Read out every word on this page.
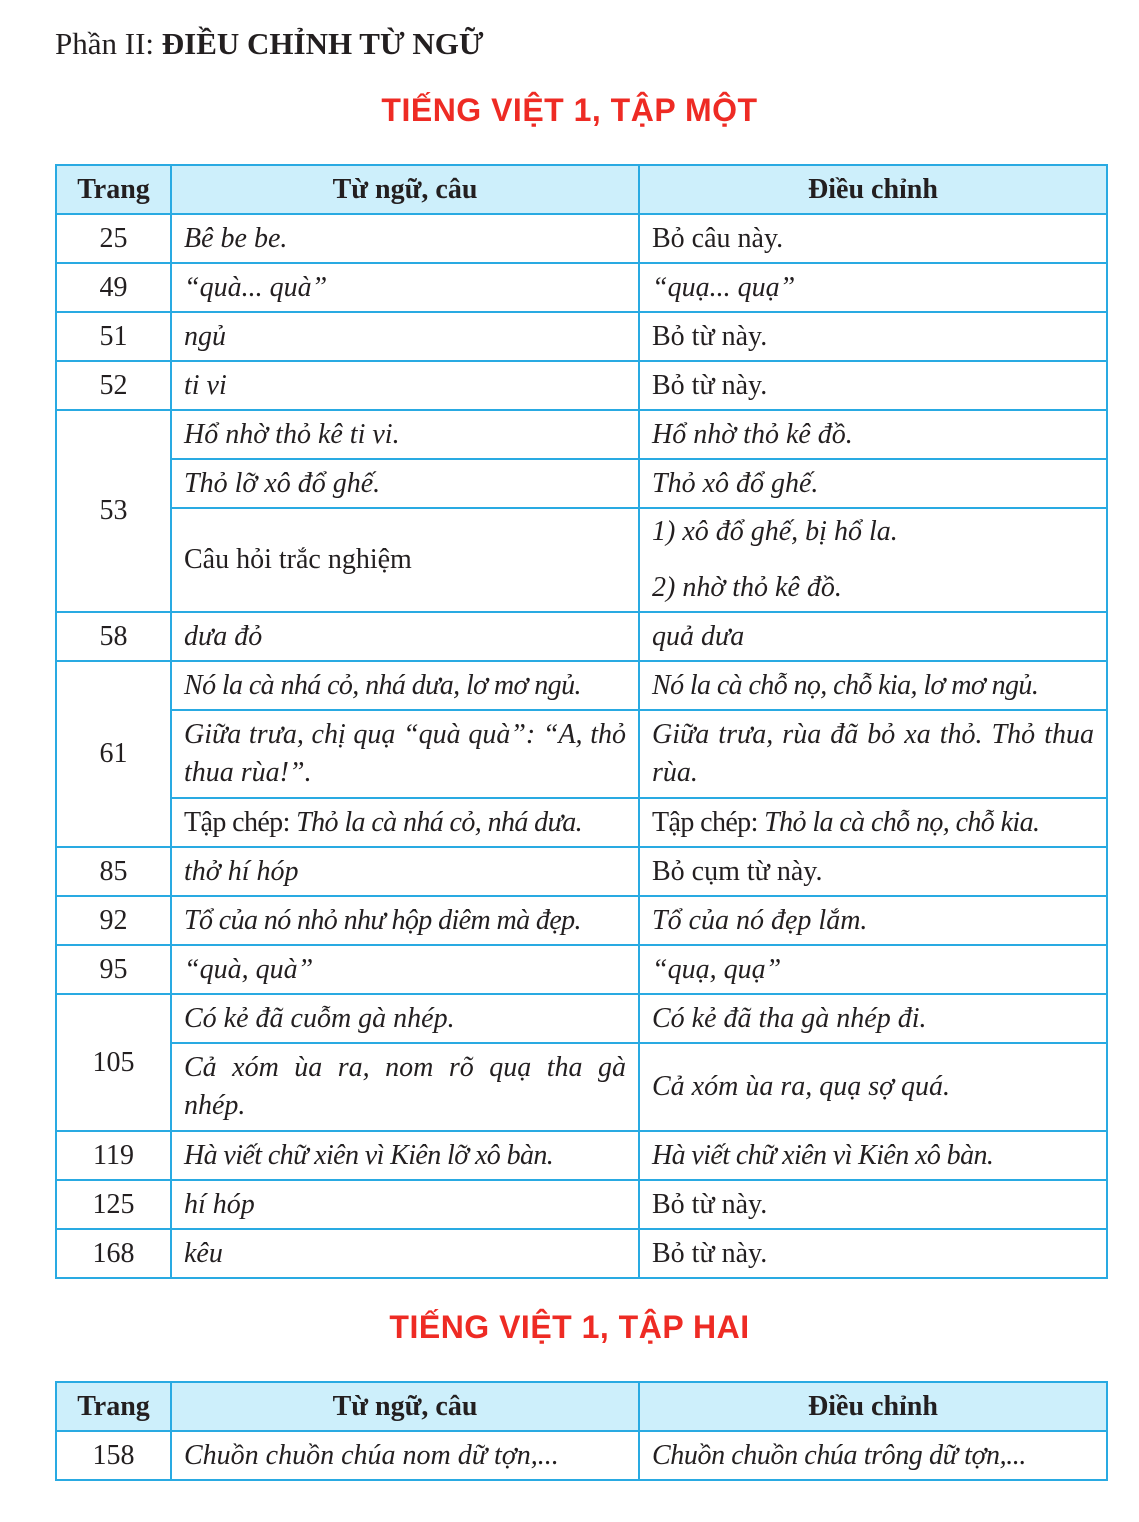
Phần II: ĐIỀU CHỈNH TỪ NGỮ
TIẾNG VIỆT 1, TẬP MỘT
Trang	Từ ngữ, câu	Điều chỉnh
25	Bê be be.	Bỏ câu này.
49	“quà... quà”	“quạ... quạ”
51	ngủ	Bỏ từ này.
52	ti vi	Bỏ từ này.
53	Hổ nhờ thỏ kê ti vi.	Hổ nhờ thỏ kê đồ.
	Thỏ lỡ xô đổ ghế.	Thỏ xô đổ ghế.
	Câu hỏi trắc nghiệm	1) xô đổ ghế, bị hổ la.
2) nhờ thỏ kê đồ.

58	dưa đỏ	quả dưa
61	Nó la cà nhá cỏ, nhá dưa, lơ mơ ngủ.	Nó la cà chỗ nọ, chỗ kia, lơ mơ ngủ.
	Giữa trưa, chị quạ “quà quà”: “A, thỏ thua rùa!”.	Giữa trưa, rùa đã bỏ xa thỏ. Thỏ thua rùa.
	Tập chép: Thỏ la cà nhá cỏ, nhá dưa.	Tập chép: Thỏ la cà chỗ nọ, chỗ kia.
85	thở hí hóp	Bỏ cụm từ này.
92	Tổ của nó nhỏ như hộp diêm mà đẹp.	Tổ của nó đẹp lắm.
95	“quà, quà”	“quạ, quạ”
105	Có kẻ đã cuỗm gà nhép.	Có kẻ đã tha gà nhép đi.
	Cả xóm ùa ra, nom rõ quạ tha gà nhép.	Cả xóm ùa ra, quạ sợ quá.
119	Hà viết chữ xiên vì Kiên lỡ xô bàn.	Hà viết chữ xiên vì Kiên xô bàn.
125	hí hóp	Bỏ từ này.
168	kêu	Bỏ từ này.
TIẾNG VIỆT 1, TẬP HAI
Trang	Từ ngữ, câu	Điều chỉnh
158	Chuồn chuồn chúa nom dữ tợn,...	Chuồn chuồn chúa trông dữ tợn,...
